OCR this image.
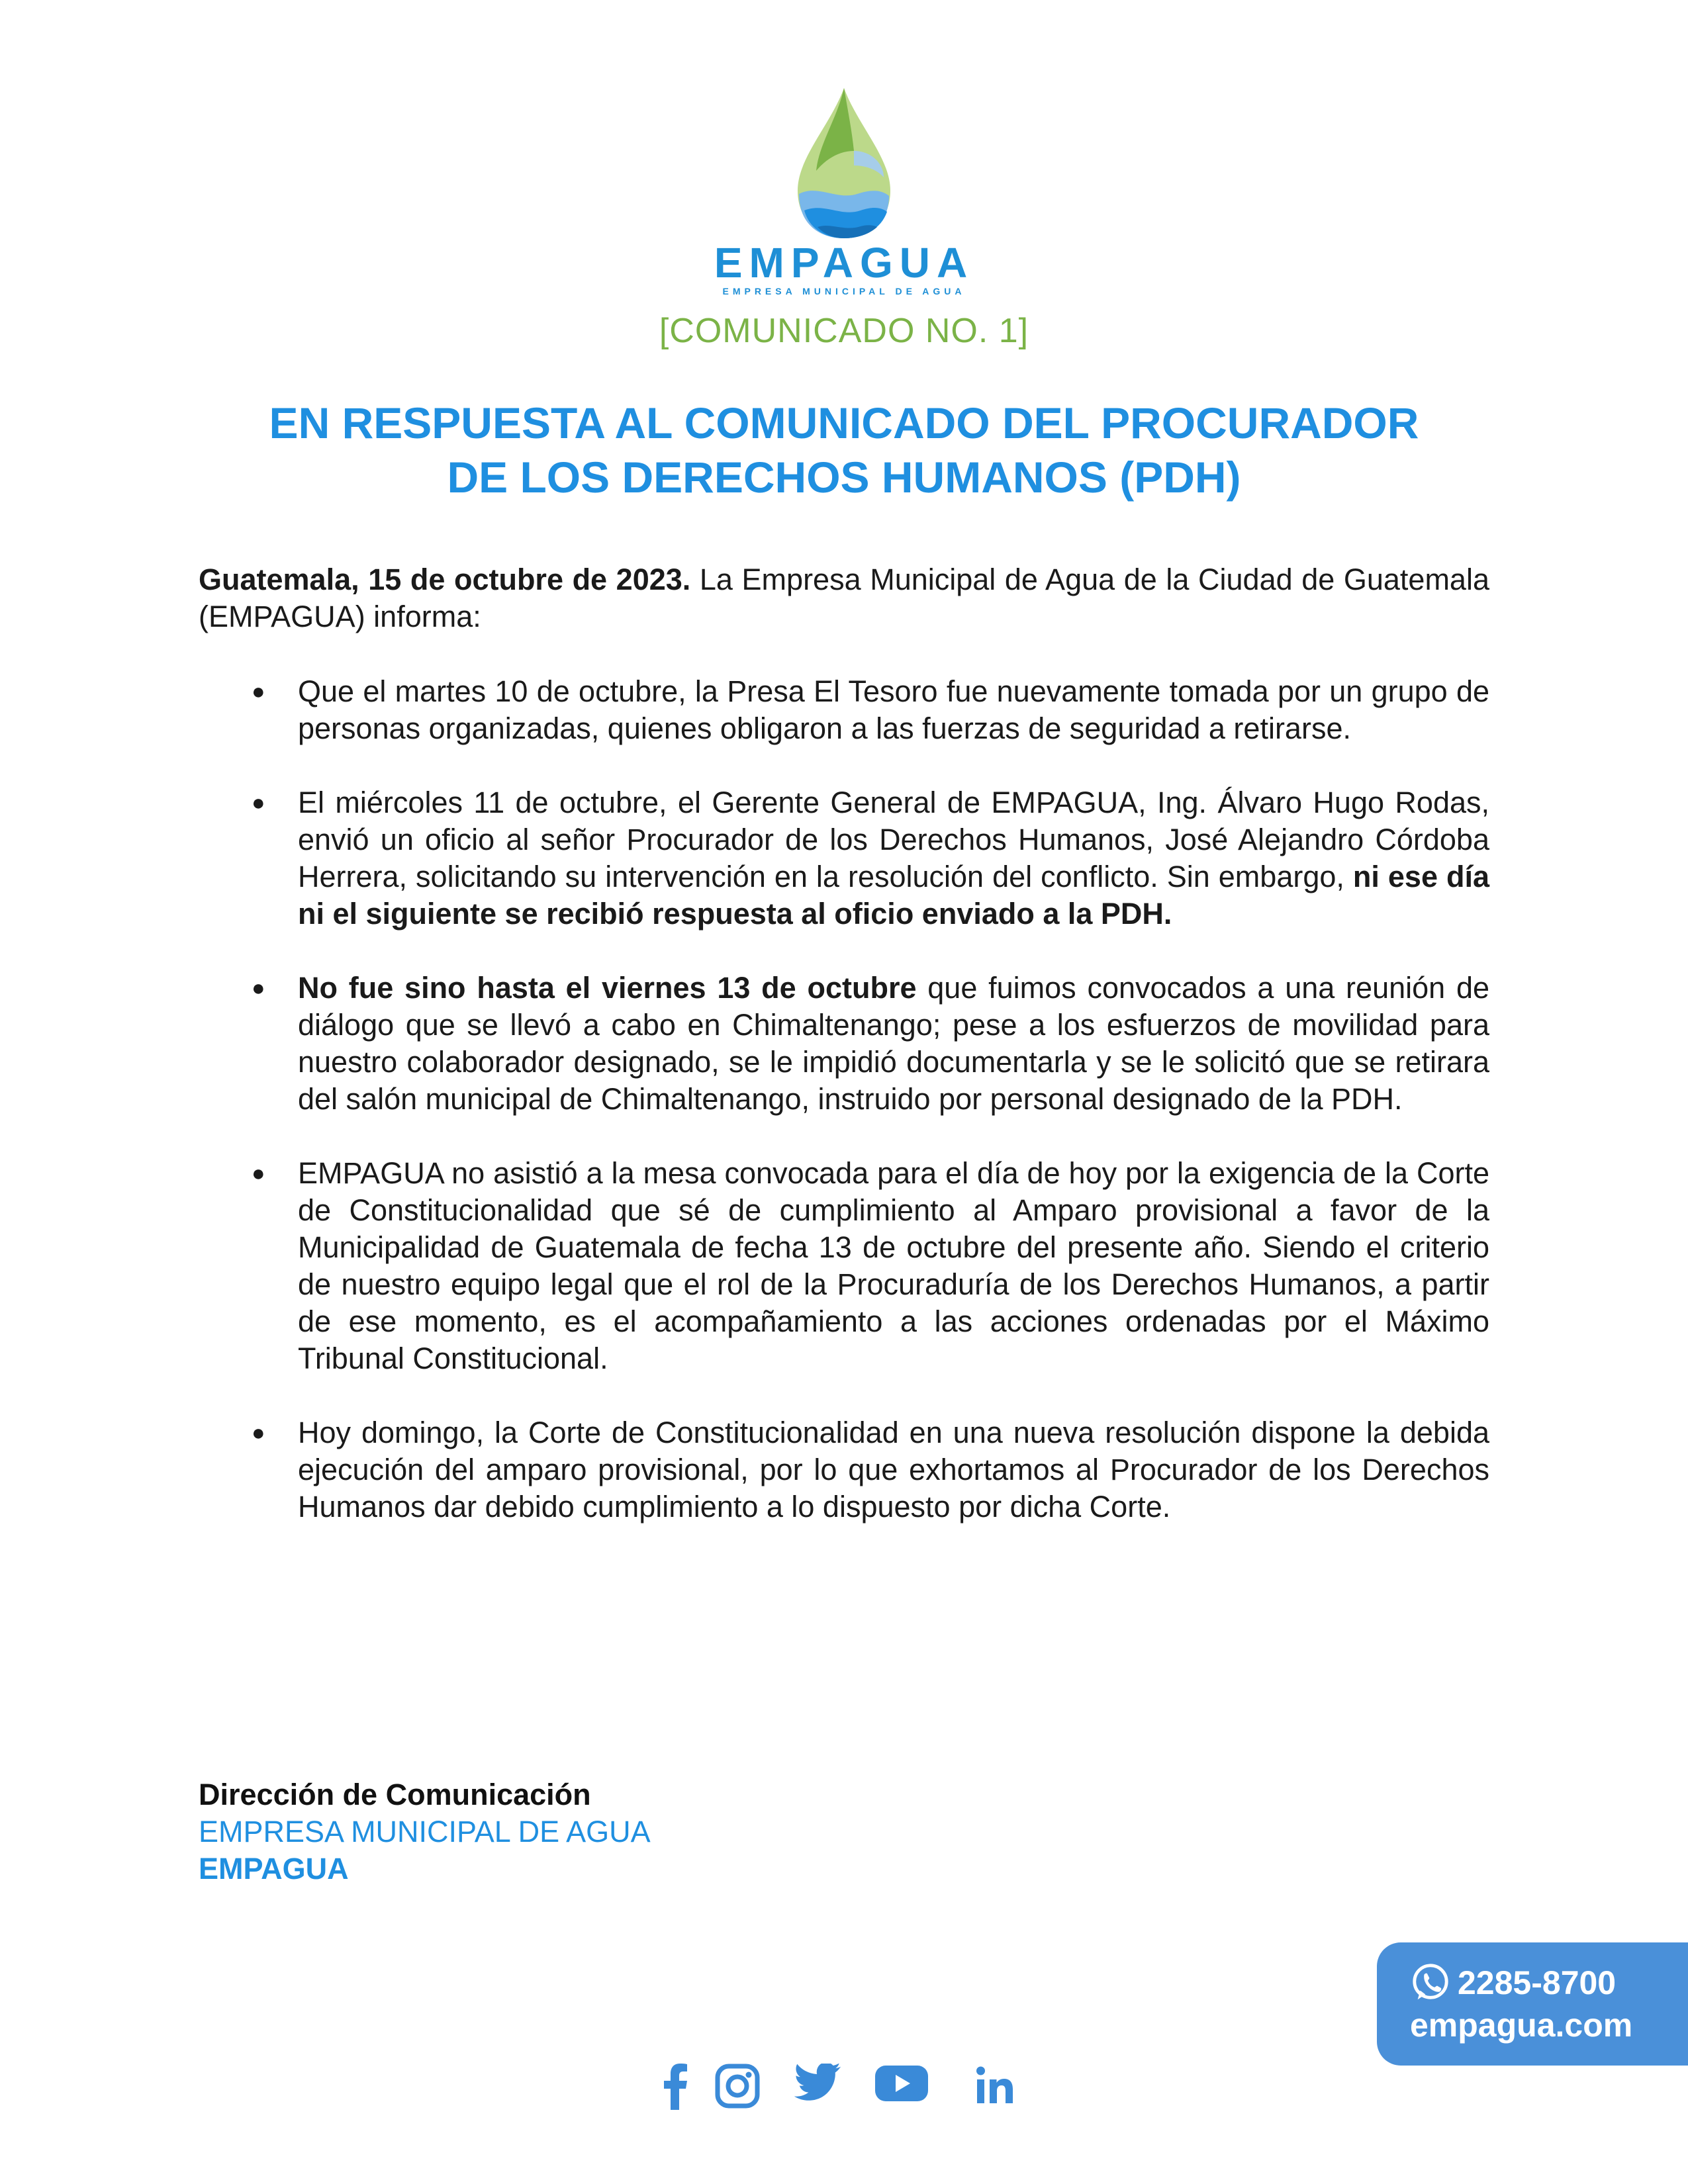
EMPAGUA
EMPRESA MUNICIPAL DE AGUA
[COMUNICADO NO. 1]
EN RESPUESTA AL COMUNICADO DEL PROCURADOR
DE LOS DERECHOS HUMANOS (PDH)

Guatemala, 15 de octubre de 2023. La Empresa Municipal de Agua de la Ciudad de Guatemala (EMPAGUA) informa:

● Que el martes 10 de octubre, la Presa El Tesoro fue nuevamente tomada por un grupo de personas organizadas, quienes obligaron a las fuerzas de seguridad a retirarse.
● El miércoles 11 de octubre, el Gerente General de EMPAGUA, Ing. Álvaro Hugo Rodas, envió un oficio al señor Procurador de los Derechos Humanos, José Alejandro Córdoba Herrera, solicitando su intervención en la resolución del conflicto. Sin embargo, ni ese día ni el siguiente se recibió respuesta al oficio enviado a la PDH.
● No fue sino hasta el viernes 13 de octubre que fuimos convocados a una reunión de diálogo que se llevó a cabo en Chimaltenango; pese a los esfuerzos de movilidad para nuestro colaborador designado, se le impidió documentarla y se le solicitó que se retirara del salón municipal de Chimaltenango, instruido por personal designado de la PDH.
● EMPAGUA no asistió a la mesa convocada para el día de hoy por la exigencia de la Corte de Constitucionalidad que sé de cumplimiento al Amparo provisional a favor de la Municipalidad de Guatemala de fecha 13 de octubre del presente año. Siendo el criterio de nuestro equipo legal que el rol de la Procuraduría de los Derechos Humanos, a partir de ese momento, es el acompañamiento a las acciones ordenadas por el Máximo Tribunal Constitucional.
● Hoy domingo, la Corte de Constitucionalidad en una nueva resolución dispone la debida ejecución del amparo provisional, por lo que exhortamos al Procurador de los Derechos Humanos dar debido cumplimiento a lo dispuesto por dicha Corte.
Dirección de Comunicación
EMPRESA MUNICIPAL DE AGUA
EMPAGUA
2285-8700
empagua.com
